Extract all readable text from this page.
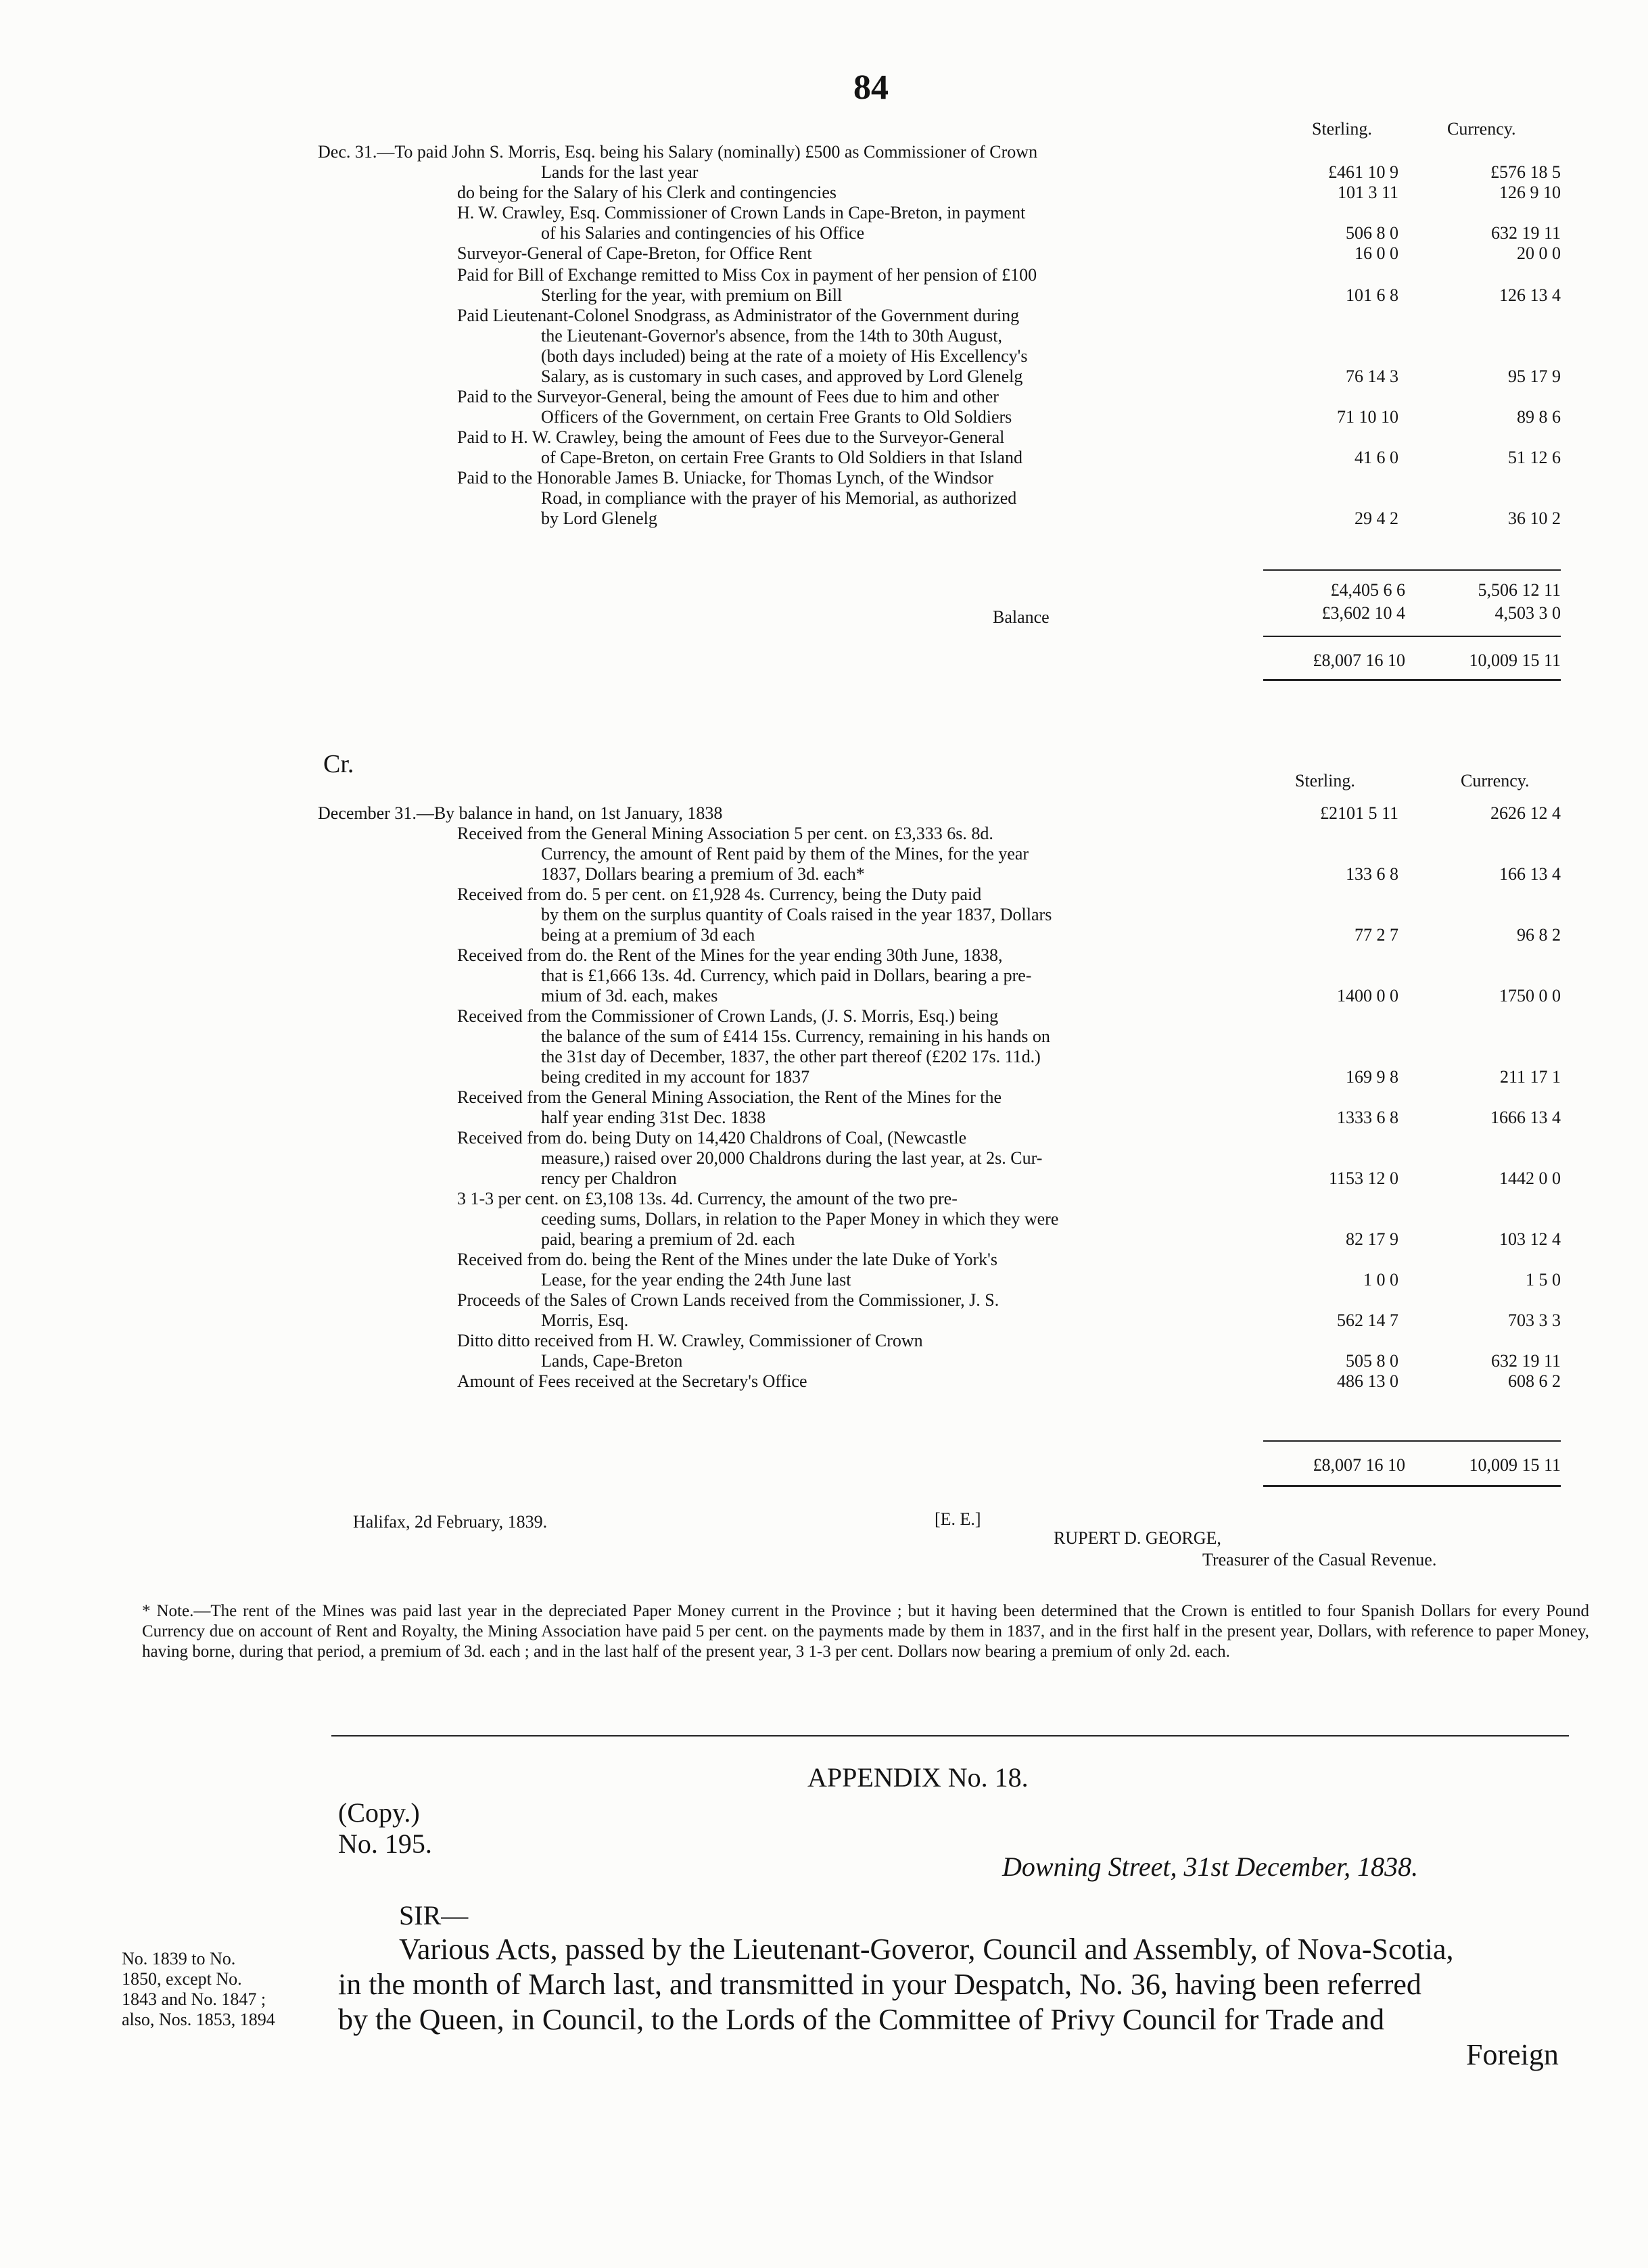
84
Sterling.	Currency.
Dec. 31.—To paid John S. Morris, Esq. being his Salary (nominally) £500 as Commissioner of Crown
Lands for the last year	£461 10 9	£576 18 5
do being for the Salary of his Clerk and contingencies	101 3 11	126 9 10
H. W. Crawley, Esq. Commissioner of Crown Lands in Cape-Breton, in payment
of his Salaries and contingencies of his Office	506 8 0	632 19 11
Surveyor-General of Cape-Breton, for Office Rent	16 0 0	20 0 0
Paid for Bill of Exchange remitted to Miss Cox in payment of her pension of £100
Sterling for the year, with premium on Bill	101 6 8	126 13 4
Paid Lieutenant-Colonel Snodgrass, as Administrator of the Government during
the Lieutenant-Governor's absence, from the 14th to 30th August,
(both days included) being at the rate of a moiety of His Excellency's
Salary, as is customary in such cases, and approved by Lord Glenelg	76 14 3	95 17 9
Paid to the Surveyor-General, being the amount of Fees due to him and other
Officers of the Government, on certain Free Grants to Old Soldiers	71 10 10	89 8 6
Paid to H. W. Crawley, being the amount of Fees due to the Surveyor-General
of Cape-Breton, on certain Free Grants to Old Soldiers in that Island	41 6 0	51 12 6
Paid to the Honorable James B. Uniacke, for Thomas Lynch, of the Windsor
Road, in compliance with the prayer of his Memorial, as authorized
by Lord Glenelg	29 4 2	36 10 2
£4,405 6 6	5,506 12 11
Balance	£3,602 10 4	4,503 3 0
£8,007 16 10	10,009 15 11
Cr.
Sterling.	Currency.
December 31.—By balance in hand, on 1st January, 1838	£2101 5 11	2626 12 4
Received from the General Mining Association 5 per cent. on £3,333 6s. 8d.
Currency, the amount of Rent paid by them of the Mines, for the year
1837, Dollars bearing a premium of 3d. each*	133 6 8	166 13 4
Received from do. 5 per cent. on £1,928 4s. Currency, being the Duty paid
by them on the surplus quantity of Coals raised in the year 1837, Dollars
being at a premium of 3d each	77 2 7	96 8 2
Received from do. the Rent of the Mines for the year ending 30th June, 1838,
that is £1,666 13s. 4d. Currency, which paid in Dollars, bearing a pre-
mium of 3d. each, makes	1400 0 0	1750 0 0
Received from the Commissioner of Crown Lands, (J. S. Morris, Esq.) being
the balance of the sum of £414 15s. Currency, remaining in his hands on
the 31st day of December, 1837, the other part thereof (£202 17s. 11d.)
being credited in my account for 1837	169 9 8	211 17 1
Received from the General Mining Association, the Rent of the Mines for the
half year ending 31st Dec. 1838	1333 6 8	1666 13 4
Received from do. being Duty on 14,420 Chaldrons of Coal, (Newcastle
measure,) raised over 20,000 Chaldrons during the last year, at 2s. Cur-
rency per Chaldron	1153 12 0	1442 0 0
3 1-3 per cent. on £3,108 13s. 4d. Currency, the amount of the two pre-
ceeding sums, Dollars, in relation to the Paper Money in which they were
paid, bearing a premium of 2d. each	82 17 9	103 12 4
Received from do. being the Rent of the Mines under the late Duke of York's
Lease, for the year ending the 24th June last	1 0 0	1 5 0
Proceeds of the Sales of Crown Lands received from the Commissioner, J. S.
Morris, Esq.	562 14 7	703 3 3
Ditto ditto received from H. W. Crawley, Commissioner of Crown
Lands, Cape-Breton	505 8 0	632 19 11
Amount of Fees received at the Secretary's Office	486 13 0	608 6 2
£8,007 16 10	10,009 15 11
Halifax, 2d February, 1839.	[E. E.]
RUPERT D. GEORGE,
Treasurer of the Casual Revenue.
* Note.—The rent of the Mines was paid last year in the depreciated Paper Money current in the Province ; but it having been determined that the Crown is entitled to four Spanish Dollars for every Pound Currency due on account of Rent and Royalty, the Mining Association have paid 5 per cent. on the payments made by them in 1837, and in the first half in the present year, Dollars, with reference to paper Money, having borne, during that period, a premium of 3d. each ; and in the last half of the present year, 3 1-3 per cent. Dollars now bearing a premium of only 2d. each.
APPENDIX No. 18.
(Copy.)
No. 195.
Downing Street, 31st December, 1838.
SIR—
No. 1839 to No.
1850, except No.
1843 and No. 1847 ;
also, Nos. 1853, 1894
Various Acts, passed by the Lieutenant-Goveror, Council and Assembly, of Nova-Scotia,
in the month of March last, and transmitted in your Despatch, No. 36, having been referred
by the Queen, in Council, to the Lords of the Committee of Privy Council for Trade and
Foreign
